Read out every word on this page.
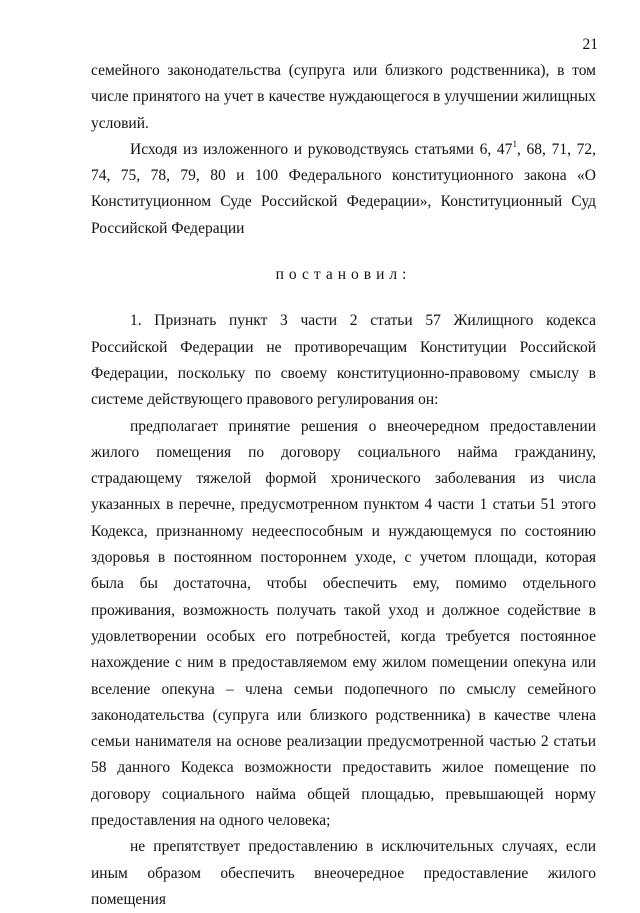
21

семейного законодательства (супруга или близкого родственника), в том числе принятого на учет в качестве нуждающегося в улучшении жилищных условий.

Исходя из изложенного и руководствуясь статьями 6, $47^1$, 68, 71, 72, 74, 75, 78, 79, 80 и 100 Федерального конституционного закона «О Конституционном Суде Российской Федерации», Конституционный Суд Российской Федерации

постановил:

1. Признать пункт 3 части 2 статьи 57 Жилищного кодекса Российской Федерации не противоречащим Конституции Российской Федерации, поскольку по своему конституционно-правовому смыслу в системе действующего правового регулирования он:

предполагает принятие решения о внеочередном предоставлении жилого помещения по договору социального найма гражданину, страдающему тяжелой формой хронического заболевания из числа указанных в перечне, предусмотренном пунктом 4 части 1 статьи 51 этого Кодекса, признанному недееспособным и нуждающемуся по состоянию здоровья в постоянном постороннем уходе, с учетом площади, которая была бы достаточна, чтобы обеспечить ему, помимо отдельного проживания, возможность получать такой уход и должное содействие в удовлетворении особых его потребностей, когда требуется постоянное нахождение с ним в предоставляемом ему жилом помещении опекуна или вселение опекуна – члена семьи подопечного по смыслу семейного законодательства (супруга или близкого родственника) в качестве члена семьи нанимателя на основе реализации предусмотренной частью 2 статьи 58 данного Кодекса возможности предоставить жилое помещение по договору социального найма общей площадью, превышающей норму предоставления на одного человека;

не препятствует предоставлению в исключительных случаях, если иным образом обеспечить внеочередное предоставление жилого помещения
